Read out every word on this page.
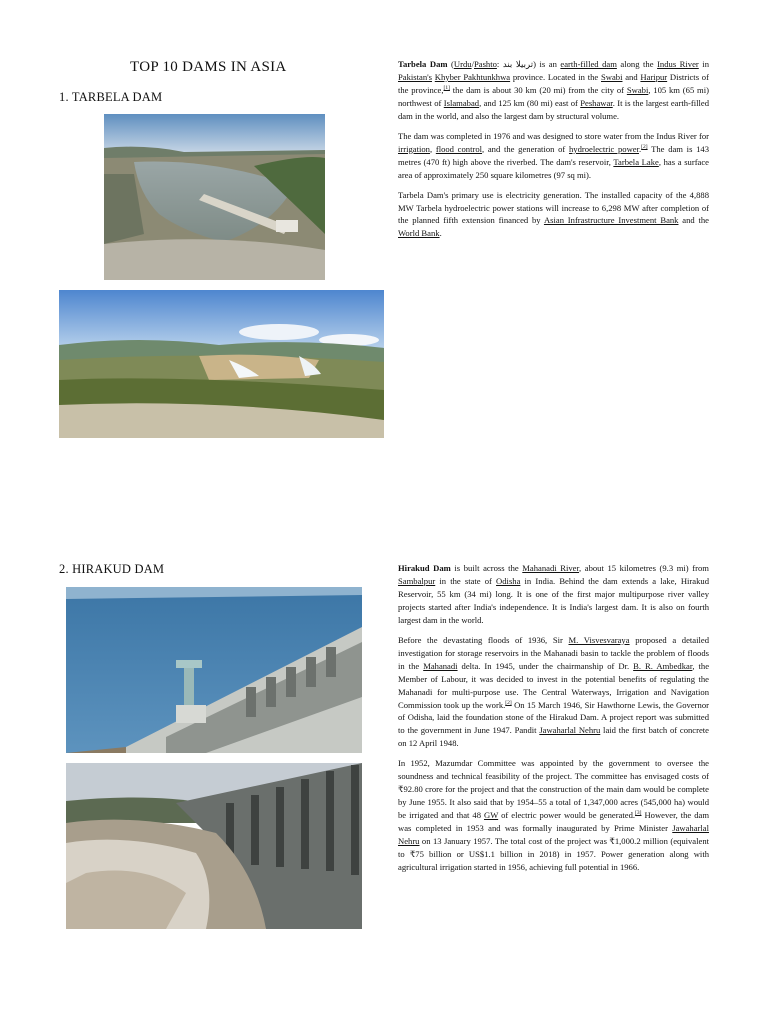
TOP 10 DAMS IN ASIA
1. TARBELA DAM

Tarbela Dam (Urdu/Pashto: تربیلا بند) is an earth-filled dam along the Indus River in Pakistan's Khyber Pakhtunkhwa province. Located in the Swabi and Haripur Districts of the province,[1] the dam is about 30 km (20 mi) from the city of Swabi, 105 km (65 mi) northwest of Islamabad, and 125 km (80 mi) east of Peshawar. It is the largest earth-filled dam in the world, and also the largest dam by structural volume.

The dam was completed in 1976 and was designed to store water from the Indus River for irrigation, flood control, and the generation of hydroelectric power.[2] The dam is 143 metres (470 ft) high above the riverbed. The dam's reservoir, Tarbela Lake, has a surface area of approximately 250 square kilometres (97 sq mi).

Tarbela Dam's primary use is electricity generation. The installed capacity of the 4,888 MW Tarbela hydroelectric power stations will increase to 6,298 MW after completion of the planned fifth extension financed by Asian Infrastructure Investment Bank and the World Bank.

2. HIRAKUD DAM	Hirakud Dam is built across the Mahanadi River, about 15 kilometres (9.3 mi) from Sambalpur in the state of Odisha in India. Behind the dam extends a lake, Hirakud Reservoir, 55 km (34 mi) long. It is one of the first major multipurpose river valley projects started after India's independence. It is India's largest dam. It is also on fourth largest dam in the world.

Before the devastating floods of 1936, Sir M. Visvesvaraya proposed a detailed investigation for storage reservoirs in the Mahanadi basin to tackle the problem of floods in the Mahanadi delta. In 1945, under the chairmanship of Dr. B. R. Ambedkar, the Member of Labour, it was decided to invest in the potential benefits of regulating the Mahanadi for multi-purpose use. The Central Waterways, Irrigation and Navigation Commission took up the work.[2] On 15 March 1946, Sir Hawthorne Lewis, the Governor of Odisha, laid the foundation stone of the Hirakud Dam. A project report was submitted to the government in June 1947. Pandit Jawaharlal Nehru laid the first batch of concrete on 12 April 1948.

In 1952, Mazumdar Committee was appointed by the government to oversee the soundness and technical feasibility of the project. The committee has envisaged costs of ₹92.80 crore for the project and that the construction of the main dam would be complete by June 1955. It also said that by 1954–55 a total of 1,347,000 acres (545,000 ha) would be irrigated and that 48 GW of electric power would be generated.[3] However, the dam was completed in 1953 and was formally inaugurated by Prime Minister Jawaharlal Nehru on 13 January 1957. The total cost of the project was ₹1,000.2 million (equivalent to ₹75 billion or US$1.1 billion in 2018) in 1957. Power generation along with agricultural irrigation started in 1956, achieving full potential in 1966.
